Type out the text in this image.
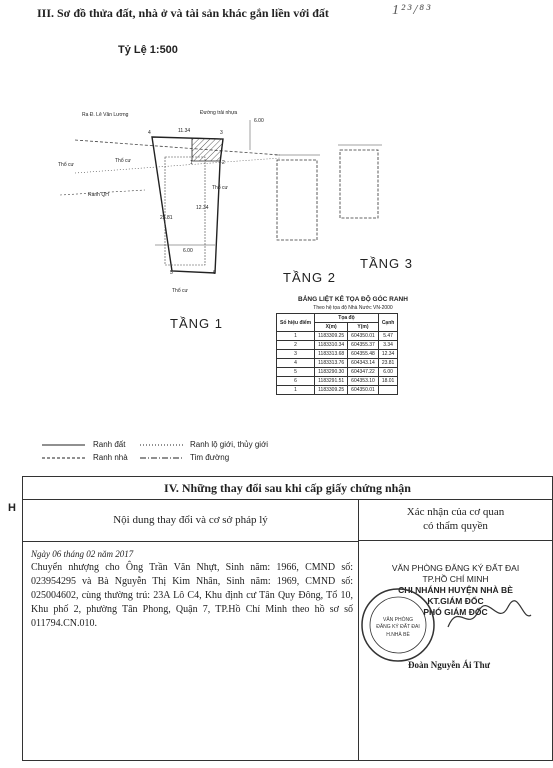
III. Sơ đồ thửa đất, nhà ở và tài sản khác gắn liền với đất	1²³/⁸³
Tỷ Lệ 1:500
Ra Đ. Lê Văn Lương	Đường trải nhựa
Thổ cư
Thổ cư
Thổ cư
Thổ cư
Ranh QH
4	3
2
1
5	6
11.34
6.00
6.00
12.34
23.81
TẦNG 1
TẦNG 2
TẦNG 3
BẢNG LIỆT KÊ TỌA ĐỘ GÓC RANH
Theo hệ tọa độ Nhà Nước VN-2000
Số hiệu điểm	Tọa độ		Cạnh
	X(m)	Y(m)	
1	1183309.25	604350.01	5.47
2	1183310.34	604355.37	3.34
3	1183313.68	604355.48	12.34
4	1183313.76	604343.14	23.81
5	1183290.30	604347.22	6.00
6	1183291.51	604353.10	18.01
1	1183309.25	604350.01	
Ranh đất
Ranh nhà
Ranh lộ giới, thủy giới
Tim đường
H
IV. Những thay đổi sau khi cấp giấy chứng nhận
Nội dung thay đổi và cơ sở pháp lý
Ngày 06 tháng 02 năm 2017
Chuyển nhượng cho Ông Trần Văn Nhựt, Sinh năm: 1966, CMND số: 023954295 và Bà Nguyễn Thị Kim Nhân, Sinh năm: 1969, CMND số: 025004602, cùng thường trú: 23A Lô C4, Khu định cư Tân Quy Đông, Tổ 10, Khu phố 2, phường Tân Phong, Quận 7, TP.Hồ Chí Minh theo hồ sơ số 011794.CN.010.
Xác nhận của cơ quan
có thẩm quyền
VĂN PHÒNG ĐĂNG KÝ ĐẤT ĐAI
TP.HỒ CHÍ MINH
CHI NHÁNH HUYỆN NHÀ BÈ
KT.GIÁM ĐỐC
PHÓ GIÁM ĐỐC
VĂN PHÒNG
ĐĂNG KÝ ĐẤT ĐAI
H.NHÀ BÈ
Đoàn Nguyễn Ái Thư
